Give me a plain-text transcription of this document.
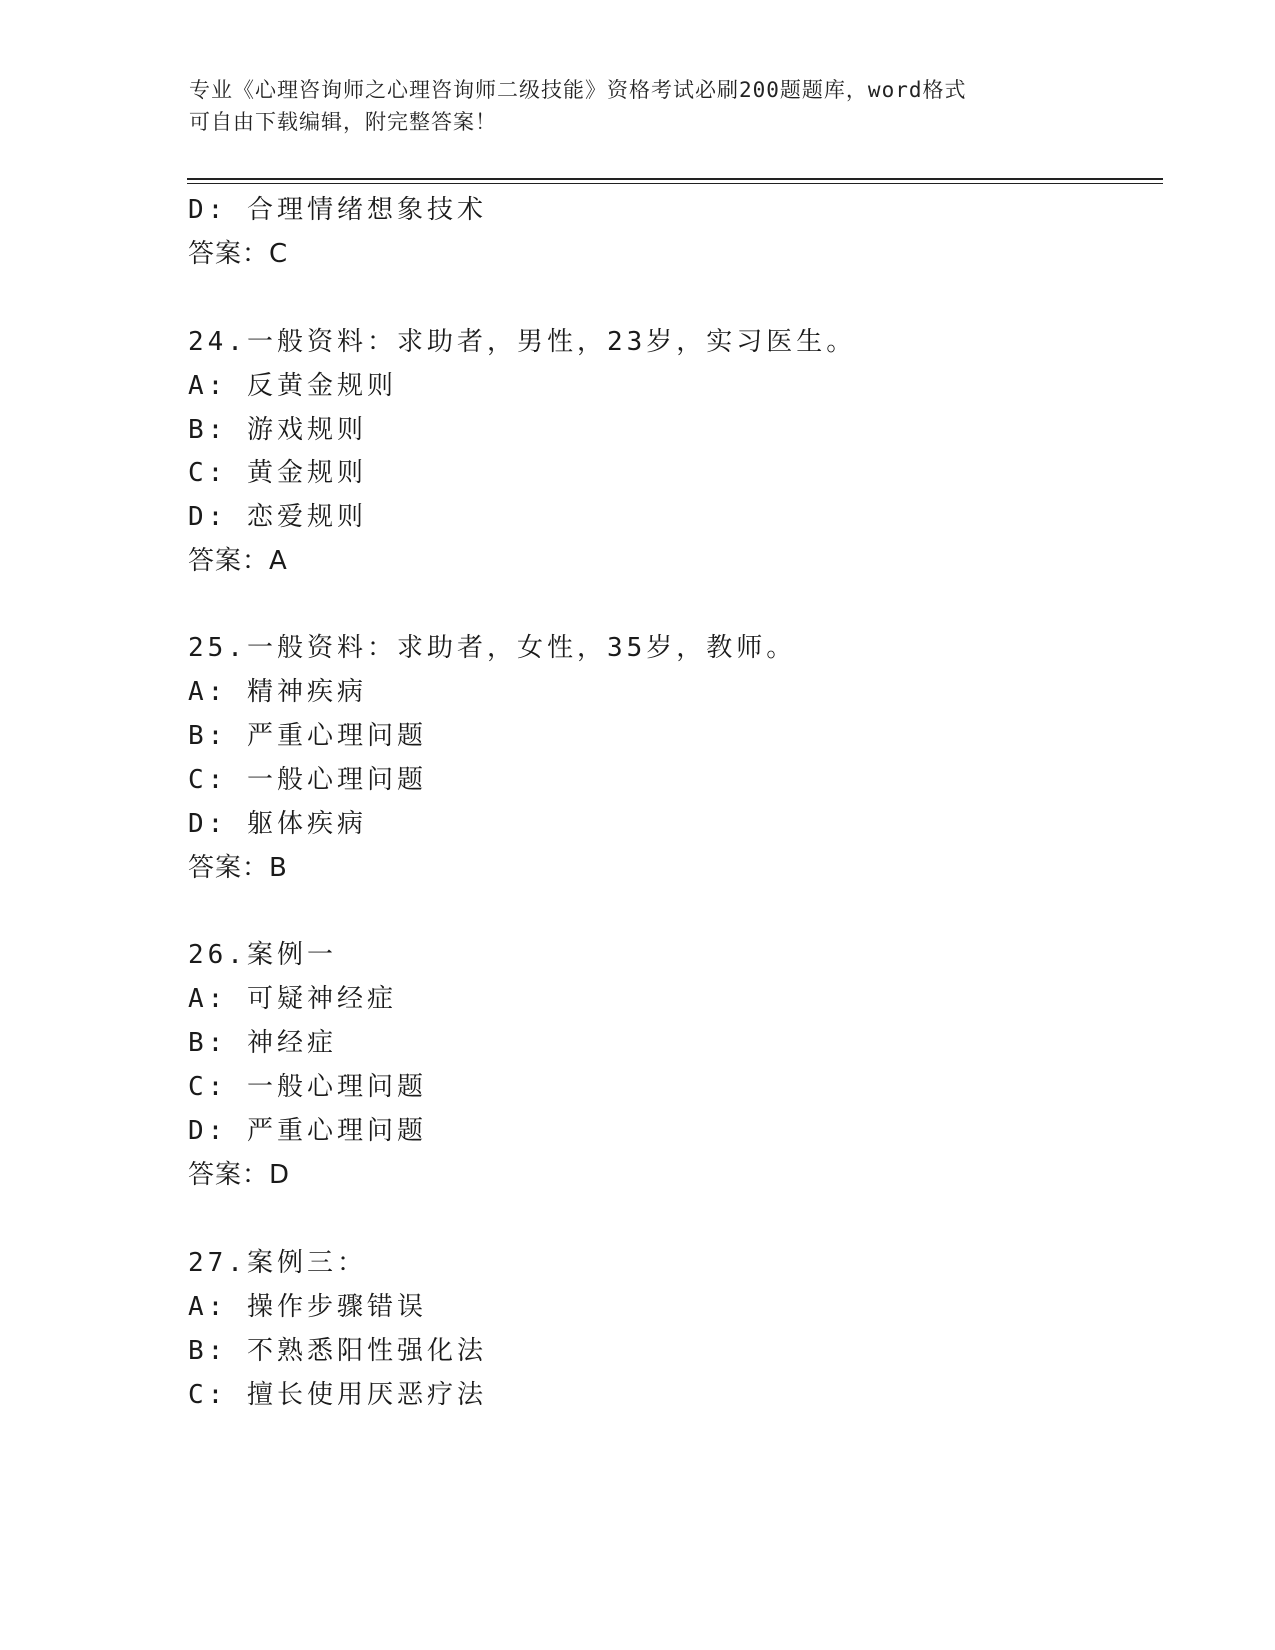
专业《心理咨询师之心理咨询师二级技能》资格考试必刷200题题库，word格式
可自由下载编辑，附完整答案！
D: 合理情绪想象技术
答案：C
24.一般资料：求助者，男性，23岁，实习医生。
A: 反黄金规则
B: 游戏规则
C: 黄金规则
D: 恋爱规则
答案：A
25.一般资料：求助者，女性，35岁，教师。
A: 精神疾病
B: 严重心理问题
C: 一般心理问题
D: 躯体疾病
答案：B
26.案例一
A: 可疑神经症
B: 神经症
C: 一般心理问题
D: 严重心理问题
答案：D
27.案例三：
A: 操作步骤错误
B: 不熟悉阳性强化法
C: 擅长使用厌恶疗法
